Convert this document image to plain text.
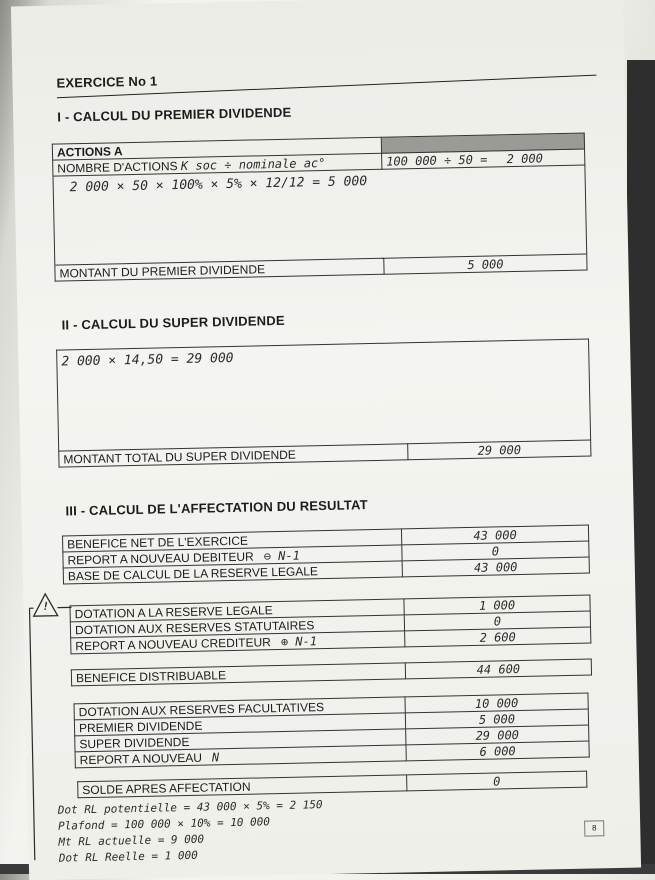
EXERCICE No 1
I - CALCUL DU PREMIER DIVIDENDE
ACTIONS A	
NOMBRE D'ACTIONS K soc ÷ nominale ac°	100 000 ÷ 50 = 2 000
2 000 × 50 × 100% × 5% × 12/12 = 5 000	
MONTANT DU PREMIER DIVIDENDE	5 000
II - CALCUL DU SUPER DIVIDENDE
2 000 × 14,50 = 29 000
MONTANT TOTAL DU SUPER DIVIDENDE	29 000
III - CALCUL DE L'AFFECTATION DU RESULTAT
BENEFICE NET DE L'EXERCICE	43 000
REPORT A NOUVEAU DEBITEUR ⊖ N-1	0
BASE DE CALCUL DE LA RESERVE LEGALE	43 000
DOTATION A LA RESERVE LEGALE	1 000
DOTATION AUX RESERVES STATUTAIRES	0
REPORT A NOUVEAU CREDITEUR ⊕ N-1	2 600
BENEFICE DISTRIBUABLE	44 600
DOTATION AUX RESERVES FACULTATIVES	10 000
PREMIER DIVIDENDE	5 000
SUPER DIVIDENDE	29 000
REPORT A NOUVEAU N	6 000
SOLDE APRES AFFECTATION	0
!
Dot RL potentielle = 43 000 × 5% = 2 150
Plafond = 100 000 × 10% = 10 000
Mt RL actuelle = 9 000
Dot RL Reelle = 1 000
8
